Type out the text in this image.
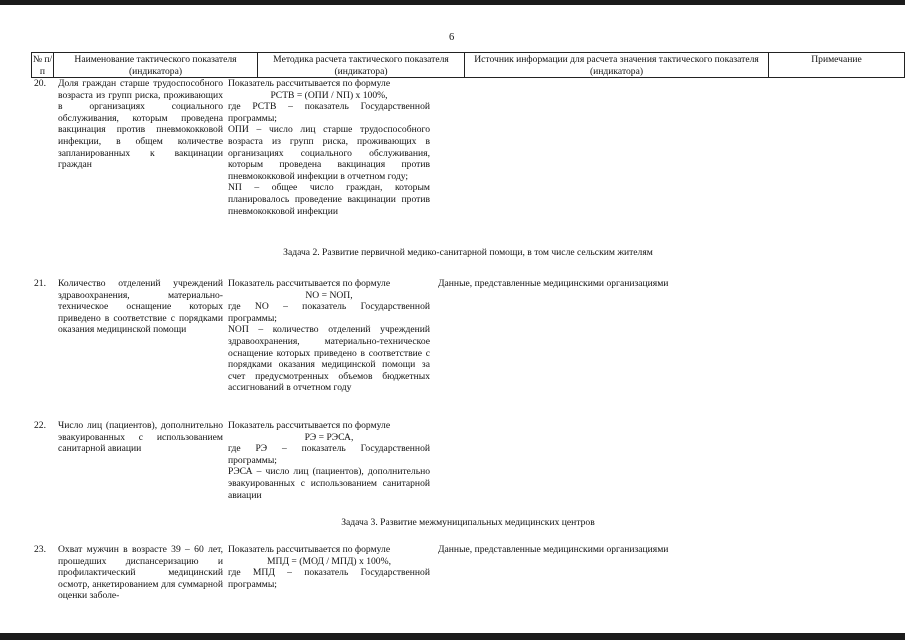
6
№ п/п
Наименование тактического показателя (индикатора)
Методика расчета тактического показателя (индикатора)
Источник информации для расчета значения тактического показателя (индикатора)
Примечание
20. Доля граждан старше трудоспособного возраста из групп риска, проживающих в организациях социального обслуживания, которым проведена вакцинация против пневмококковой инфекции, в общем количестве запланированных к вакцинации граждан
Показатель рассчитывается по формуле
PСТВ = (OПИ / NП) x 100%,
где PСТВ – показатель Государственной программы;
OПИ – число лиц старше трудоспособного возраста из групп риска, проживающих в организациях социального обслуживания, которым проведена вакцинация против пневмококковой инфекции в отчетном году;
NП – общее число граждан, которым планировалось проведение вакцинации против пневмококковой инфекции
Задача 2. Развитие первичной медико-санитарной помощи, в том числе сельским жителям
21. Количество отделений учреждений здравоохранения, материально-техническое оснащение которых приведено в соответствие с порядками оказания медицинской помощи
Показатель рассчитывается по формуле
NО = NОП,
где NО – показатель Государственной программы;
NОП – количество отделений учреждений здравоохранения, материально-техническое оснащение которых приведено в соответствие с порядками оказания медицинской помощи за счет предусмотренных объемов бюджетных ассигнований в отчетном году
Данные, представленные медицинскими организациями
22. Число лиц (пациентов), дополнительно эвакуированных с использованием санитарной авиации
Показатель рассчитывается по формуле
PЭ = PЭСА,
где PЭ – показатель Государственной программы;
PЭСА – число лиц (пациентов), дополнительно эвакуированных с использованием санитарной авиации
Задача 3. Развитие межмуниципальных медицинских центров
23. Охват мужчин в возрасте 39 – 60 лет, прошедших диспансеризацию и профилактический медицинский осмотр, анкетированием для суммарной оценки заболе-
Показатель рассчитывается по формуле
MПД = (MОД / MПД) x 100%,
где MПД – показатель Государственной программы;
Данные, представленные медицинскими организациями
